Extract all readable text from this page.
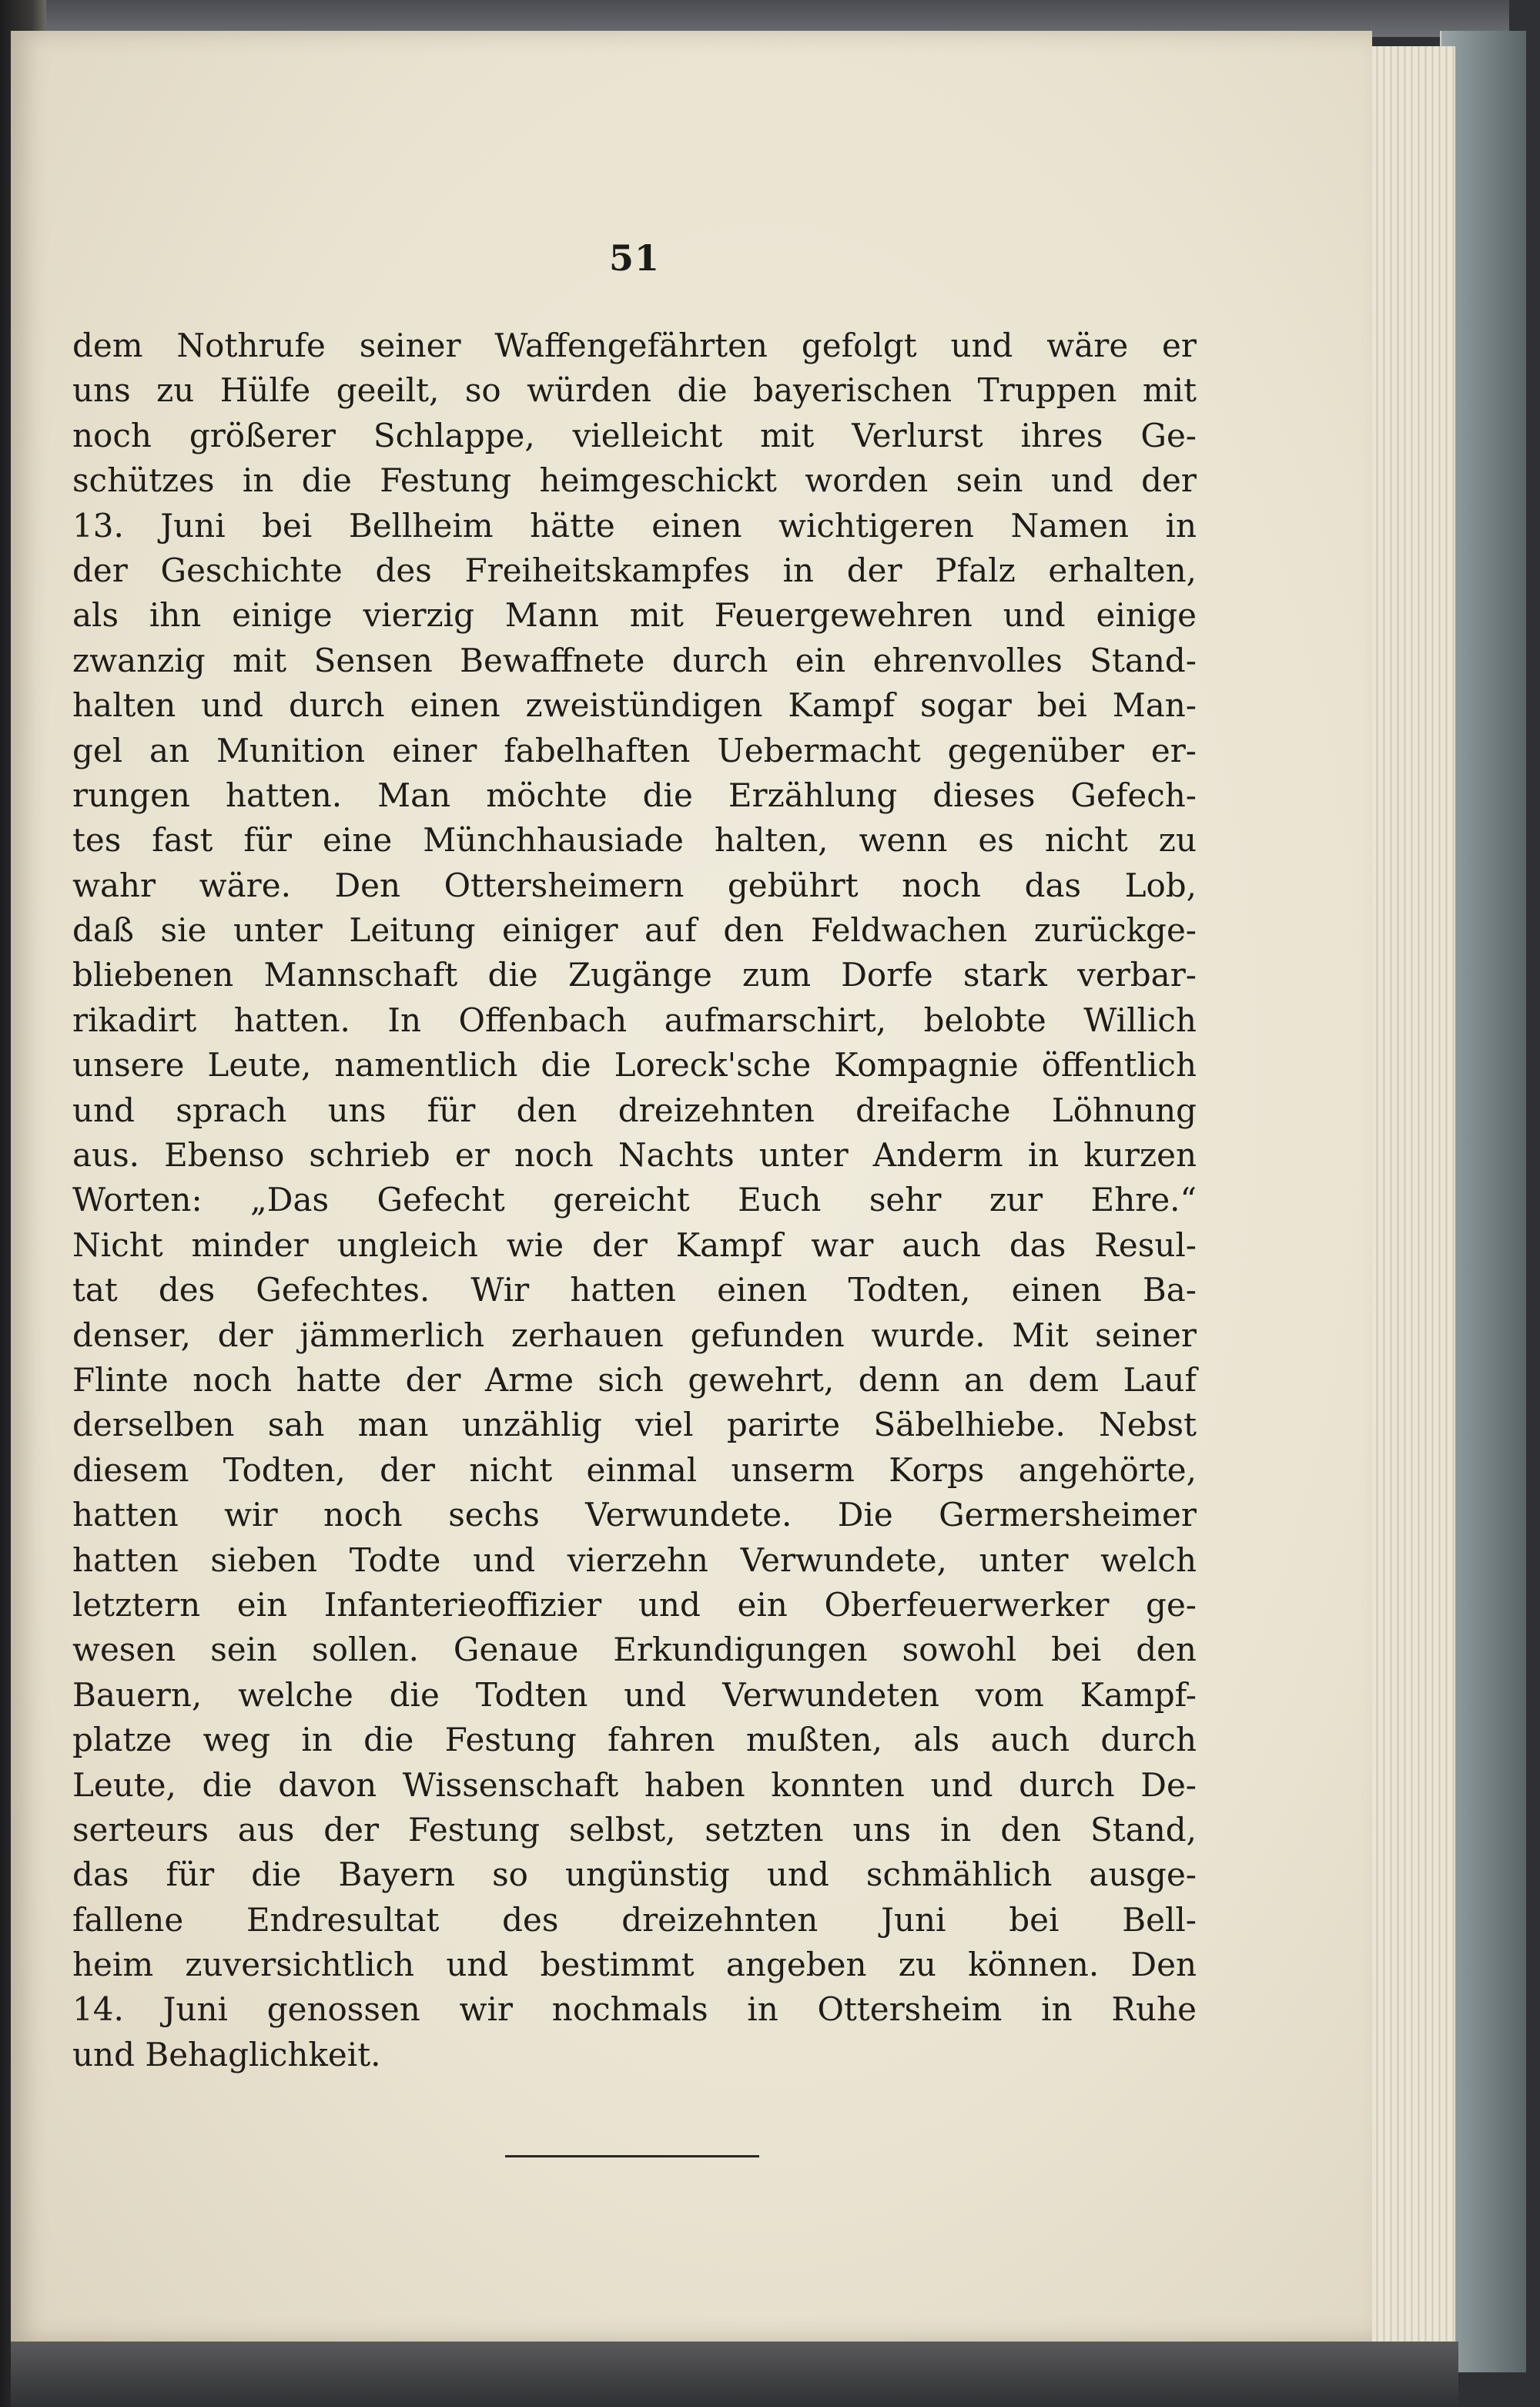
51
dem Nothrufe seiner Waffengefährten gefolgt und wäre er
uns zu Hülfe geeilt, so würden die bayerischen Truppen mit
noch größerer Schlappe, vielleicht mit Verlurst ihres Ge-
schützes in die Festung heimgeschickt worden sein und der
13. Juni bei Bellheim hätte einen wichtigeren Namen in
der Geschichte des Freiheitskampfes in der Pfalz erhalten,
als ihn einige vierzig Mann mit Feuergewehren und einige
zwanzig mit Sensen Bewaffnete durch ein ehrenvolles Stand-
halten und durch einen zweistündigen Kampf sogar bei Man-
gel an Munition einer fabelhaften Uebermacht gegenüber er-
rungen hatten. Man möchte die Erzählung dieses Gefech-
tes fast für eine Münchhausiade halten, wenn es nicht zu
wahr wäre. Den Ottersheimern gebührt noch das Lob,
daß sie unter Leitung einiger auf den Feldwachen zurückge-
bliebenen Mannschaft die Zugänge zum Dorfe stark verbar-
rikadirt hatten. In Offenbach aufmarschirt, belobte Willich
unsere Leute, namentlich die Loreck'sche Kompagnie öffentlich
und sprach uns für den dreizehnten dreifache Löhnung
aus. Ebenso schrieb er noch Nachts unter Anderm in kurzen
Worten: „Das Gefecht gereicht Euch sehr zur Ehre.“
Nicht minder ungleich wie der Kampf war auch das Resul-
tat des Gefechtes. Wir hatten einen Todten, einen Ba-
denser, der jämmerlich zerhauen gefunden wurde. Mit seiner
Flinte noch hatte der Arme sich gewehrt, denn an dem Lauf
derselben sah man unzählig viel parirte Säbelhiebe. Nebst
diesem Todten, der nicht einmal unserm Korps angehörte,
hatten wir noch sechs Verwundete. Die Germersheimer
hatten sieben Todte und vierzehn Verwundete, unter welch
letztern ein Infanterieoffizier und ein Oberfeuerwerker ge-
wesen sein sollen. Genaue Erkundigungen sowohl bei den
Bauern, welche die Todten und Verwundeten vom Kampf-
platze weg in die Festung fahren mußten, als auch durch
Leute, die davon Wissenschaft haben konnten und durch De-
serteurs aus der Festung selbst, setzten uns in den Stand,
das für die Bayern so ungünstig und schmählich ausge-
fallene Endresultat des dreizehnten Juni bei Bell-
heim zuversichtlich und bestimmt angeben zu können. Den
14. Juni genossen wir nochmals in Ottersheim in Ruhe
und Behaglichkeit.
